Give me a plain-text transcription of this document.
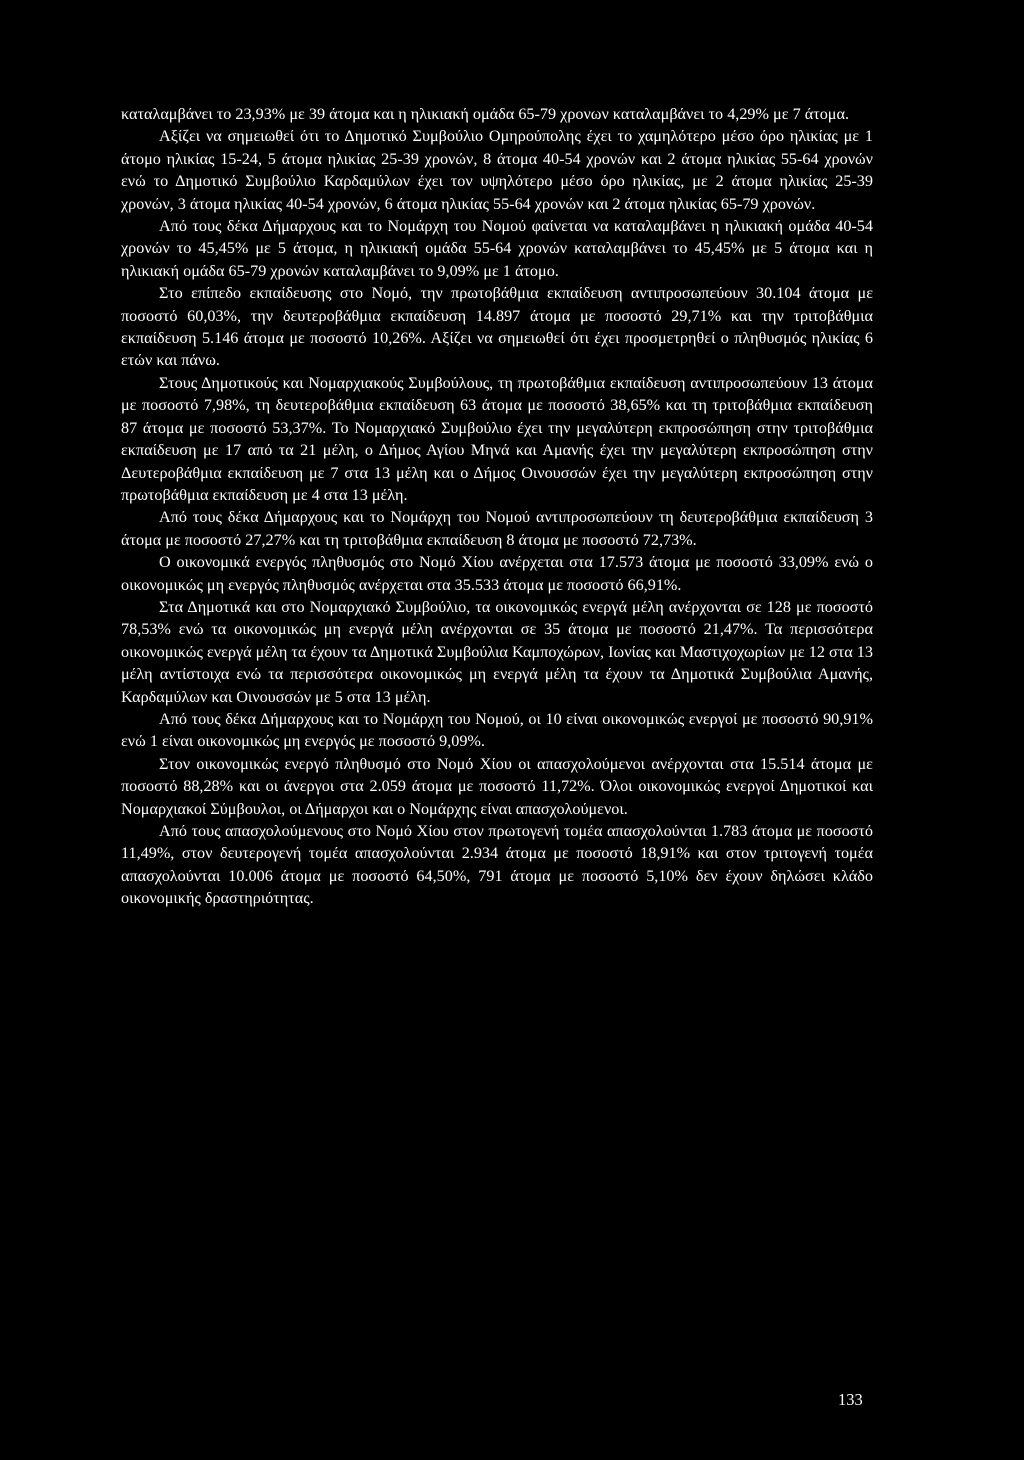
καταλαμβάνει το 23,93% με 39 άτομα και η ηλικιακή ομάδα 65-79 χρονων καταλαμβάνει το 4,29% με 7 άτομα.

Αξίζει να σημειωθεί ότι το Δημοτικό Συμβούλιο Ομηρούπολης έχει το χαμηλότερο μέσο όρο ηλικίας με 1 άτομο ηλικίας 15-24, 5 άτομα ηλικίας 25-39 χρονών, 8 άτομα 40-54 χρονών και 2 άτομα ηλικίας 55-64 χρονών ενώ το Δημοτικό Συμβούλιο Καρδαμύλων έχει τον υψηλότερο μέσο όρο ηλικίας, με 2 άτομα ηλικίας 25-39 χρονών, 3 άτομα ηλικίας 40-54 χρονών, 6 άτομα ηλικίας 55-64 χρονών και 2 άτομα ηλικίας 65-79 χρονών.

Από τους δέκα Δήμαρχους και το Νομάρχη του Νομού φαίνεται να καταλαμβάνει η ηλικιακή ομάδα 40-54 χρονών το 45,45% με 5 άτομα, η ηλικιακή ομάδα 55-64 χρονών καταλαμβάνει το 45,45% με 5 άτομα και η ηλικιακή ομάδα 65-79 χρονών καταλαμβάνει το 9,09% με 1 άτομο.

Στο επίπεδο εκπαίδευσης στο Νομό, την πρωτοβάθμια εκπαίδευση αντιπροσωπεύουν 30.104 άτομα με ποσοστό 60,03%, την δευτεροβάθμια εκπαίδευση 14.897 άτομα με ποσοστό 29,71% και την τριτοβάθμια εκπαίδευση 5.146 άτομα με ποσοστό 10,26%. Αξίζει να σημειωθεί ότι έχει προσμετρηθεί ο πληθυσμός ηλικίας 6 ετών και πάνω.

Στους Δημοτικούς και Νομαρχιακούς Συμβούλους, τη πρωτοβάθμια εκπαίδευση αντιπροσωπεύουν 13 άτομα με ποσοστό 7,98%, τη δευτεροβάθμια εκπαίδευση 63 άτομα με ποσοστό 38,65% και τη τριτοβάθμια εκπαίδευση 87 άτομα με ποσοστό 53,37%. Το Νομαρχιακό Συμβούλιο έχει την μεγαλύτερη εκπροσώπηση στην τριτοβάθμια εκπαίδευση με 17 από τα 21 μέλη, ο Δήμος Αγίου Μηνά και Αμανής έχει την μεγαλύτερη εκπροσώπηση στην Δευτεροβάθμια εκπαίδευση με 7 στα 13 μέλη και ο Δήμος Οινουσσών έχει την μεγαλύτερη εκπροσώπηση στην πρωτοβάθμια εκπαίδευση με 4 στα 13 μέλη.

Από τους δέκα Δήμαρχους και το Νομάρχη του Νομού αντιπροσωπεύουν τη δευτεροβάθμια εκπαίδευση 3 άτομα με ποσοστό 27,27% και τη τριτοβάθμια εκπαίδευση 8 άτομα με ποσοστό 72,73%.

Ο οικονομικά ενεργός πληθυσμός στο Νομό Χίου ανέρχεται στα 17.573 άτομα με ποσοστό 33,09% ενώ ο οικονομικώς μη ενεργός πληθυσμός ανέρχεται στα 35.533 άτομα με ποσοστό 66,91%.

Στα Δημοτικά και στο Νομαρχιακό Συμβούλιο, τα οικονομικώς ενεργά μέλη ανέρχονται σε 128 με ποσοστό 78,53% ενώ τα οικονομικώς μη ενεργά μέλη ανέρχονται σε 35 άτομα με ποσοστό 21,47%. Τα περισσότερα οικονομικώς ενεργά μέλη τα έχουν τα Δημοτικά Συμβούλια Καμποχώρων, Ιωνίας και Μαστιχοχωρίων με 12 στα 13 μέλη αντίστοιχα ενώ τα περισσότερα οικονομικώς μη ενεργά μέλη τα έχουν τα Δημοτικά Συμβούλια Αμανής, Καρδαμύλων και Οινουσσών με 5 στα 13 μέλη.

Από τους δέκα Δήμαρχους και το Νομάρχη του Νομού, οι 10 είναι οικονομικώς ενεργοί με ποσοστό 90,91% ενώ 1 είναι οικονομικώς μη ενεργός με ποσοστό 9,09%.

Στον οικονομικώς ενεργό πληθυσμό στο Νομό Χίου οι απασχολούμενοι ανέρχονται στα 15.514 άτομα με ποσοστό 88,28% και οι άνεργοι στα 2.059 άτομα με ποσοστό 11,72%. Όλοι οικονομικώς ενεργοί Δημοτικοί και Νομαρχιακοί Σύμβουλοι, οι Δήμαρχοι και ο Νομάρχης είναι απασχολούμενοι.

Από τους απασχολούμενους στο Νομό Χίου στον πρωτογενή τομέα απασχολούνται 1.783 άτομα με ποσοστό 11,49%, στον δευτερογενή τομέα απασχολούνται 2.934 άτομα με ποσοστό 18,91% και στον τριτογενή τομέα απασχολούνται 10.006 άτομα με ποσοστό 64,50%, 791 άτομα με ποσοστό 5,10% δεν έχουν δηλώσει κλάδο οικονομικής δραστηριότητας.

133
